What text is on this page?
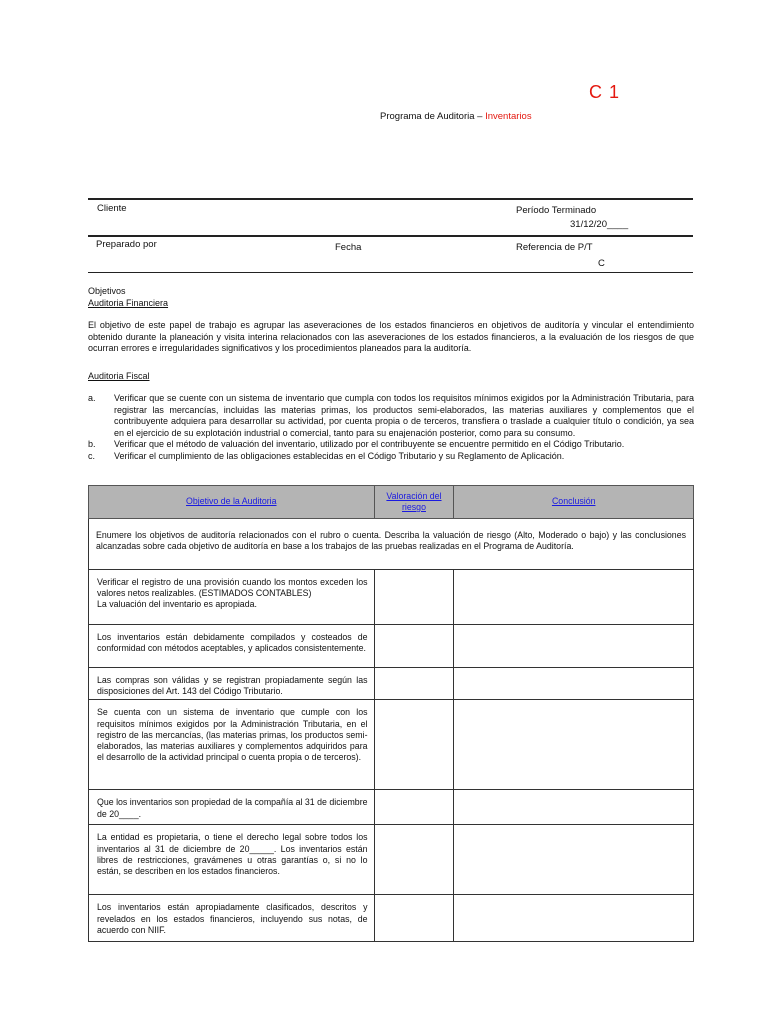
C 1
Programa de Auditoria – Inventarios
Cliente	Período Terminado
31/12/20____
Preparado por	Fecha	Referencia de P/T
C
Objetivos
Auditoria Financiera
El objetivo de este papel de trabajo es agrupar las aseveraciones de los estados financieros en objetivos de auditoría y vincular el entendimiento obtenido durante la planeación y visita interina relacionados con las aseveraciones de los estados financieros, a la evaluación de los riesgos de que ocurran errores e irregularidades significativos y los procedimientos planeados para la auditoría.
Auditoria Fiscal
a.	Verificar que se cuente con un sistema de inventario que cumpla con todos los requisitos mínimos exigidos por la Administración Tributaria, para registrar las mercancías, incluidas las materias primas, los productos semi-elaborados, las materias auxiliares y complementos que el contribuyente adquiera para desarrollar su actividad, por cuenta propia o de terceros, transfiera o traslade a cualquier título o condición, ya sea en el ejercicio de su explotación industrial o comercial, tanto para su enajenación posterior, como para su consumo.
b.	Verificar que el método de valuación del inventario, utilizado por el contribuyente se encuentre permitido en el Código Tributario.
c.	Verificar el cumplimiento de las obligaciones establecidas en el Código Tributario y su Reglamento de Aplicación.
Objetivo de la Auditoria	Valoración del riesgo	Conclusión
Enumere los objetivos de auditoría relacionados con el rubro o cuenta. Describa la valuación de riesgo (Alto, Moderado o bajo) y las conclusiones alcanzadas sobre cada objetivo de auditoría en base a los trabajos de las pruebas realizadas en el Programa de Auditoría.		

Verificar el registro de una provisión cuando los montos exceden los valores netos realizables. (ESTIMADOS CONTABLES)
La valuación del inventario es apropiada.		

Los inventarios están debidamente compilados y costeados de conformidad con métodos aceptables, y aplicados consistentemente.		

Las compras son válidas y se registran propiadamente según las disposiciones del Art. 143 del Código Tributario.		

Se cuenta con un sistema de inventario que cumple con los requisitos mínimos exigidos por la Administración Tributaria, en el registro de las mercancías, (las materias primas, los productos semi-elaborados, las materias auxiliares y complementos adquiridos para el desarrollo de la actividad principal o cuenta propia o de terceros).		

Que los inventarios son propiedad de la compañía al 31 de diciembre de 20____.		

La entidad es propietaria, o tiene el derecho legal sobre todos los inventarios al 31 de diciembre de 20_____. Los inventarios están libres de restricciones, gravámenes u otras garantías o, si no lo están, se describen en los estados financieros.		

Los inventarios están apropiadamente clasificados, descritos y revelados en los estados financieros, incluyendo sus notas, de acuerdo con NIIF.		
